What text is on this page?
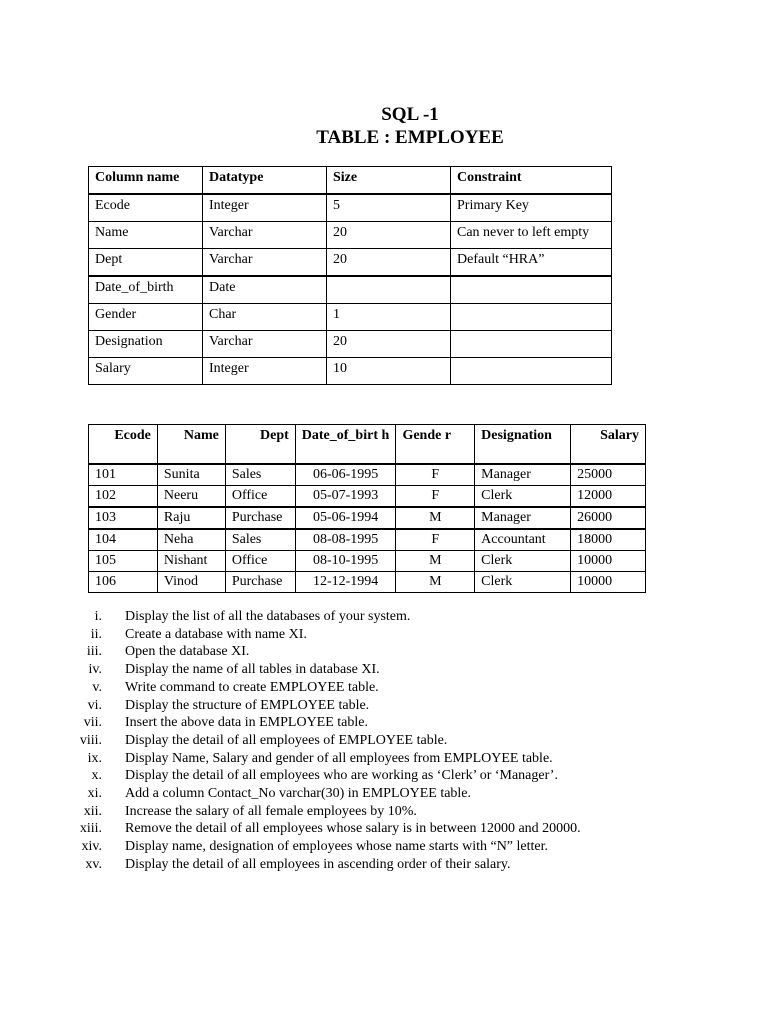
SQL -1
TABLE : EMPLOYEE
Column name	Datatype	Size	Constraint
Ecode	Integer	5	Primary Key
Name	Varchar	20	Can never to left empty
Dept	Varchar	20	Default “HRA”
Date_of_birth	Date		
Gender	Char	1	
Designation	Varchar	20	
Salary	Integer	10	
Ecode	Name	Dept	Date_of_birt h	Gende r	Designation	Salary
101	Sunita	Sales	06-06-1995	F	Manager	25000
102	Neeru	Office	05-07-1993	F	Clerk	12000
103	Raju	Purchase	05-06-1994	M	Manager	26000
104	Neha	Sales	08-08-1995	F	Accountant	18000
105	Nishant	Office	08-10-1995	M	Clerk	10000
106	Vinod	Purchase	12-12-1994	M	Clerk	10000
i. Display the list of all the databases of your system.
ii. Create a database with name XI.
iii. Open the database XI.
iv. Display the name of all tables in database XI.
v. Write command to create EMPLOYEE table.
vi. Display the structure of EMPLOYEE table.
vii. Insert the above data in EMPLOYEE table.
viii. Display the detail of all employees of EMPLOYEE table.
ix. Display Name, Salary and gender of all employees from EMPLOYEE table.
x. Display the detail of all employees who are working as ‘Clerk’ or ‘Manager’.
xi. Add a column Contact_No varchar(30) in EMPLOYEE table.
xii. Increase the salary of all female employees by 10%.
xiii. Remove the detail of all employees whose salary is in between 12000 and 20000.
xiv. Display name, designation of employees whose name starts with “N” letter.
xv. Display the detail of all employees in ascending order of their salary.
